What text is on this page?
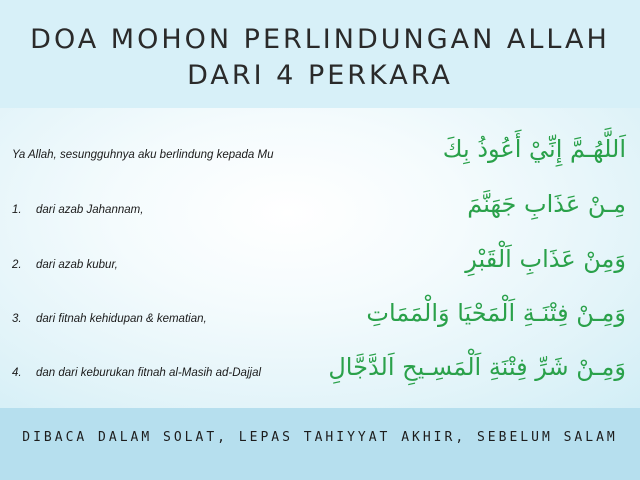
DOA MOHON PERLINDUNGAN ALLAH
DARI 4 PERKARA
Ya Allah, sesungguhnya aku berlindung kepada Mu	اَللَّهُـمَّ إِنِّيْ أَعُوذُ بِكَ
1. dari azab Jahannam,	مِـنْ عَذَابِ جَهَنَّمَ
2. dari azab kubur,	وَمِنْ عَذَابِ اَلْقَبْرِ
3. dari fitnah kehidupan & kematian,	وَمِـنْ فِتْنَـةِ اَلْمَحْيَا وَالْمَمَاتِ
4. dan dari keburukan fitnah al-Masih ad-Dajjal	وَمِـنْ شَرِّ فِتْنَةِ اَلْمَسِـيحِ اَلدَّجَّالِ
DIBACA DALAM SOLAT, LEPAS TAHIYYAT AKHIR, SEBELUM SALAM
